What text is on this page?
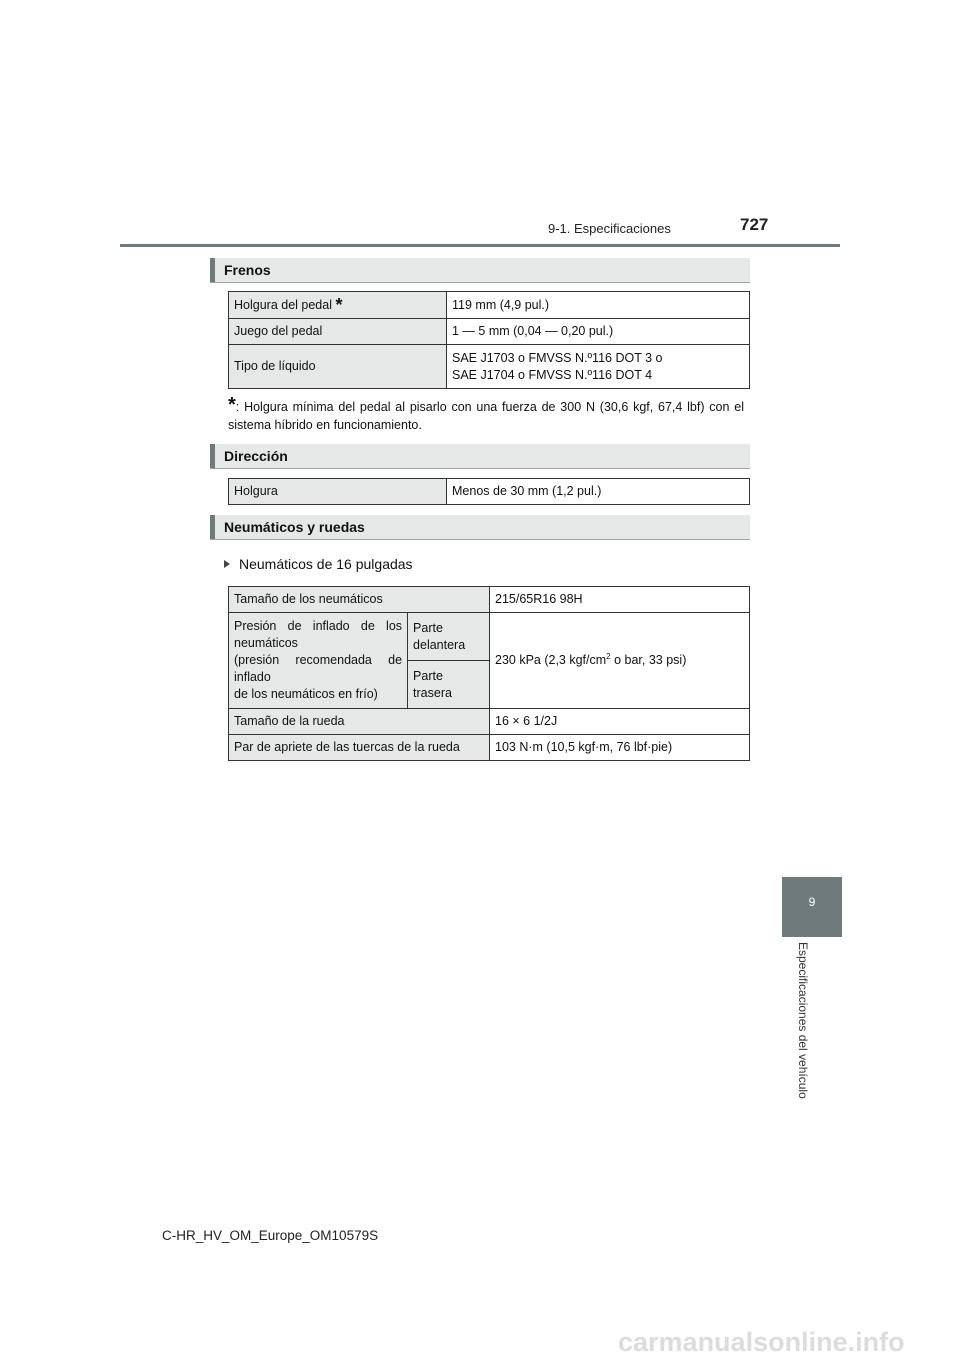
9-1. Especificaciones	727
Frenos
Holgura del pedal *	119 mm (4,9 pul.)
Juego del pedal	1 — 5 mm (0,04 — 0,20 pul.)
Tipo de líquido	SAE J1703 o FMVSS N.º116 DOT 3 o
SAE J1704 o FMVSS N.º116 DOT 4
*: Holgura mínima del pedal al pisarlo con una fuerza de 300 N (30,6 kgf, 67,4 lbf) con el sistema híbrido en funcionamiento.
Dirección
Holgura	Menos de 30 mm (1,2 pul.)
Neumáticos y ruedas
Neumáticos de 16 pulgadas
Tamaño de los neumáticos		215/65R16 98H

Presión de inflado de los neumáticos
(presión recomendada de inflado
de los neumáticos en frío)	Parte delantera	230 kPa (2,3 kgf/$cm^2$ o bar, 33 psi)
	Parte trasera	
Tamaño de la rueda		16 × 6 1/2J
Par de apriete de las tuercas de la rueda		103 N·m (10,5 kgf·m, 76 lbf·pie)
9
Especificaciones del vehículo
C-HR_HV_OM_Europe_OM10579S
carmanualsonline.info
